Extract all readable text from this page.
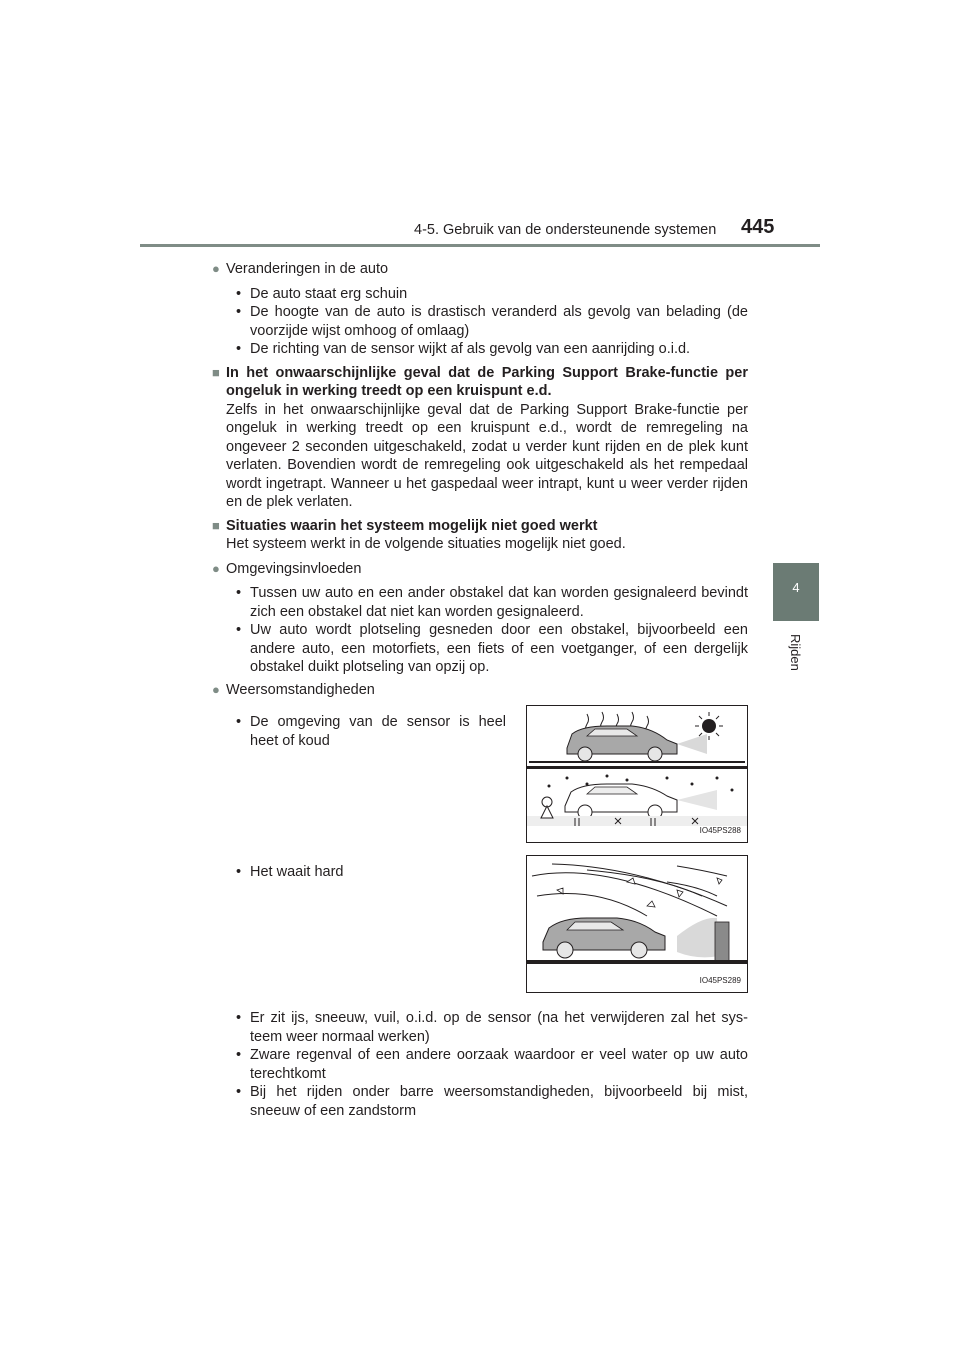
4-5. Gebruik van de ondersteunende systemen 445
4
Rijden
● Veranderingen in de auto
• De auto staat erg schuin
• De hoogte van de auto is drastisch veranderd als gevolg van belading (de voorzijde wijst omhoog of omlaag)
• De richting van de sensor wijkt af als gevolg van een aanrijding o.i.d.
■ In het onwaarschijnlijke geval dat de Parking Support Brake-functie per ongeluk in werking treedt op een kruispunt e.d.

Zelfs in het onwaarschijnlijke geval dat de Parking Support Brake-functie per ongeluk in werking treedt op een kruispunt e.d., wordt de remregeling na ongeveer 2 seconden uitgeschakeld, zodat u verder kunt rijden en de plek kunt verlaten. Bovendien wordt de remregeling ook uitgeschakeld als het rempedaal wordt ingetrapt. Wanneer u het gaspedaal weer intrapt, kunt u weer verder rijden en de plek verlaten.

■ Situaties waarin het systeem mogelijk niet goed werkt

Het systeem werkt in de volgende situaties mogelijk niet goed.

● Omgevingsinvloeden
• Tussen uw auto en een ander obstakel dat kan worden gesignaleerd bevindt zich een obstakel dat niet kan worden gesignaleerd.
• Uw auto wordt plotseling gesneden door een obstakel, bijvoorbeeld een andere auto, een motorfiets, een fiets of een voetganger, of een dergelijk obstakel duikt plotseling van opzij op.
● Weersomstandigheden
• De omgeving van de sensor is heel heet of koud
IO45PS288
• Het waait hard
IO45PS289
• Er zit ijs, sneeuw, vuil, o.i.d. op de sensor (na het verwijderen zal het sys-teem weer normaal werken)
• Zware regenval of een andere oorzaak waardoor er veel water op uw auto terechtkomt
• Bij het rijden onder barre weersomstandigheden, bijvoorbeeld bij mist, sneeuw of een zandstorm
